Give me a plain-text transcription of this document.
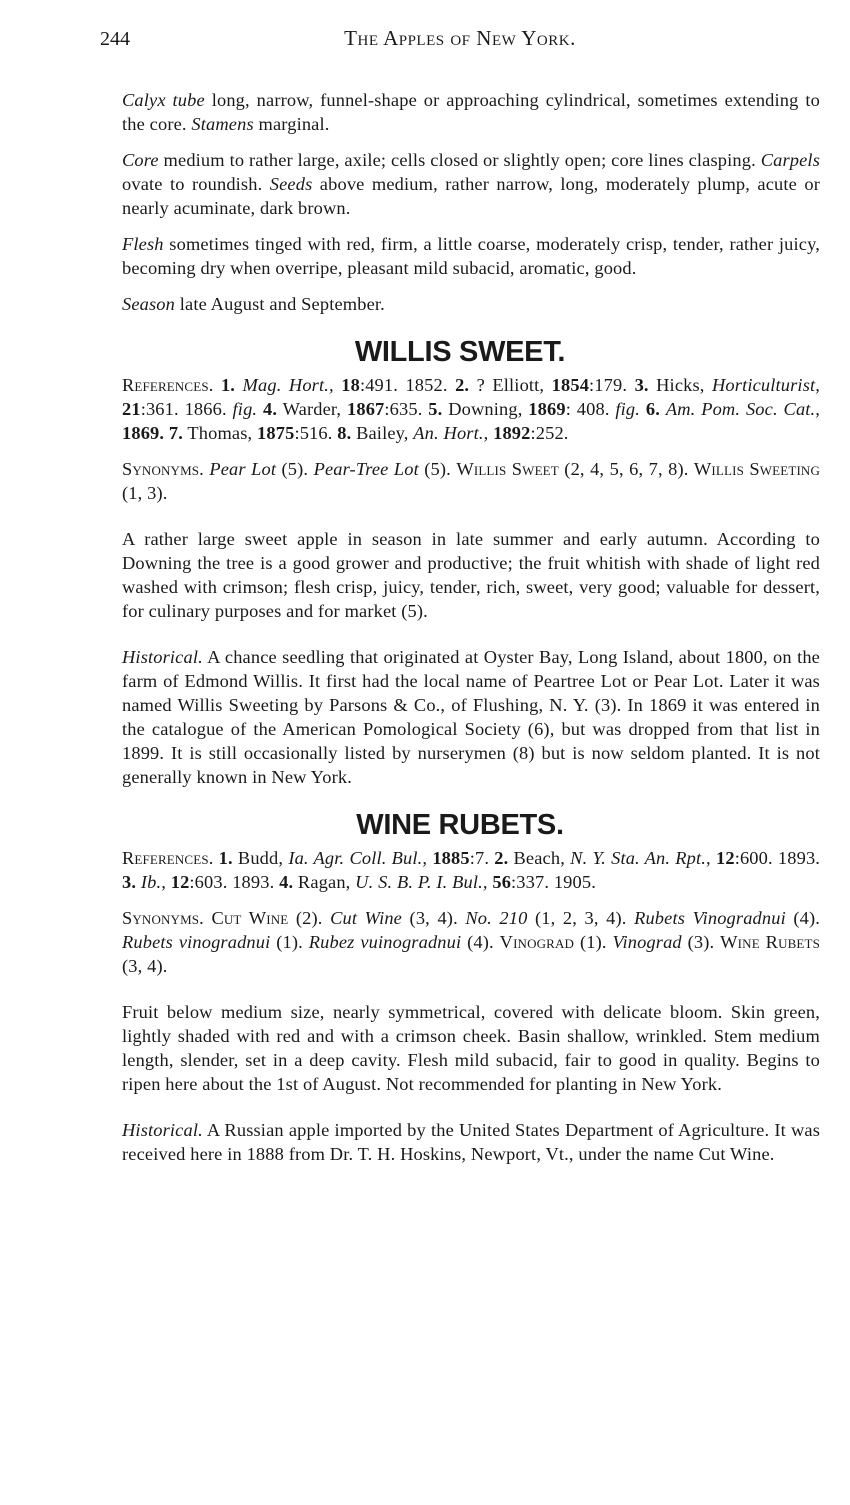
244	The Apples of New York.

Calyx tube long, narrow, funnel-shape or approaching cylindrical, sometimes extending to the core. Stamens marginal.

Core medium to rather large, axile; cells closed or slightly open; core lines clasping. Carpels ovate to roundish. Seeds above medium, rather narrow, long, moderately plump, acute or nearly acuminate, dark brown.

Flesh sometimes tinged with red, firm, a little coarse, moderately crisp, tender, rather juicy, becoming dry when overripe, pleasant mild subacid, aromatic, good.

Season late August and September.

WILLIS SWEET.

References. 1. Mag. Hort., 18:491. 1852. 2. ? Elliott, 1854:179. 3. Hicks, Horticulturist, 21:361. 1866. fig. 4. Warder, 1867:635. 5. Downing, 1869: 408. fig. 6. Am. Pom. Soc. Cat., 1869. 7. Thomas, 1875:516. 8. Bailey, An. Hort., 1892:252.

Synonyms. Pear Lot (5). Pear-Tree Lot (5). Willis Sweet (2, 4, 5, 6, 7, 8). Willis Sweeting (1, 3).

A rather large sweet apple in season in late summer and early autumn. According to Downing the tree is a good grower and productive; the fruit whitish with shade of light red washed with crimson; flesh crisp, juicy, tender, rich, sweet, very good; valuable for dessert, for culinary purposes and for market (5).

Historical. A chance seedling that originated at Oyster Bay, Long Island, about 1800, on the farm of Edmond Willis. It first had the local name of Peartree Lot or Pear Lot. Later it was named Willis Sweeting by Parsons & Co., of Flushing, N. Y. (3). In 1869 it was entered in the catalogue of the American Pomological Society (6), but was dropped from that list in 1899. It is still occasionally listed by nurserymen (8) but is now seldom planted. It is not generally known in New York.

WINE RUBETS.

References. 1. Budd, Ia. Agr. Coll. Bul., 1885:7. 2. Beach, N. Y. Sta. An. Rpt., 12:600. 1893. 3. Ib., 12:603. 1893. 4. Ragan, U. S. B. P. I. Bul., 56:337. 1905.

Synonyms. Cut Wine (2). Cut Wine (3, 4). No. 210 (1, 2, 3, 4). Rubets Vinogradnui (4). Rubets vinogradnui (1). Rubez vuinogradnui (4). Vinograd (1). Vinograd (3). Wine Rubets (3, 4).

Fruit below medium size, nearly symmetrical, covered with delicate bloom. Skin green, lightly shaded with red and with a crimson cheek. Basin shallow, wrinkled. Stem medium length, slender, set in a deep cavity. Flesh mild subacid, fair to good in quality. Begins to ripen here about the 1st of August. Not recommended for planting in New York.

Historical. A Russian apple imported by the United States Department of Agriculture. It was received here in 1888 from Dr. T. H. Hoskins, Newport, Vt., under the name Cut Wine.
